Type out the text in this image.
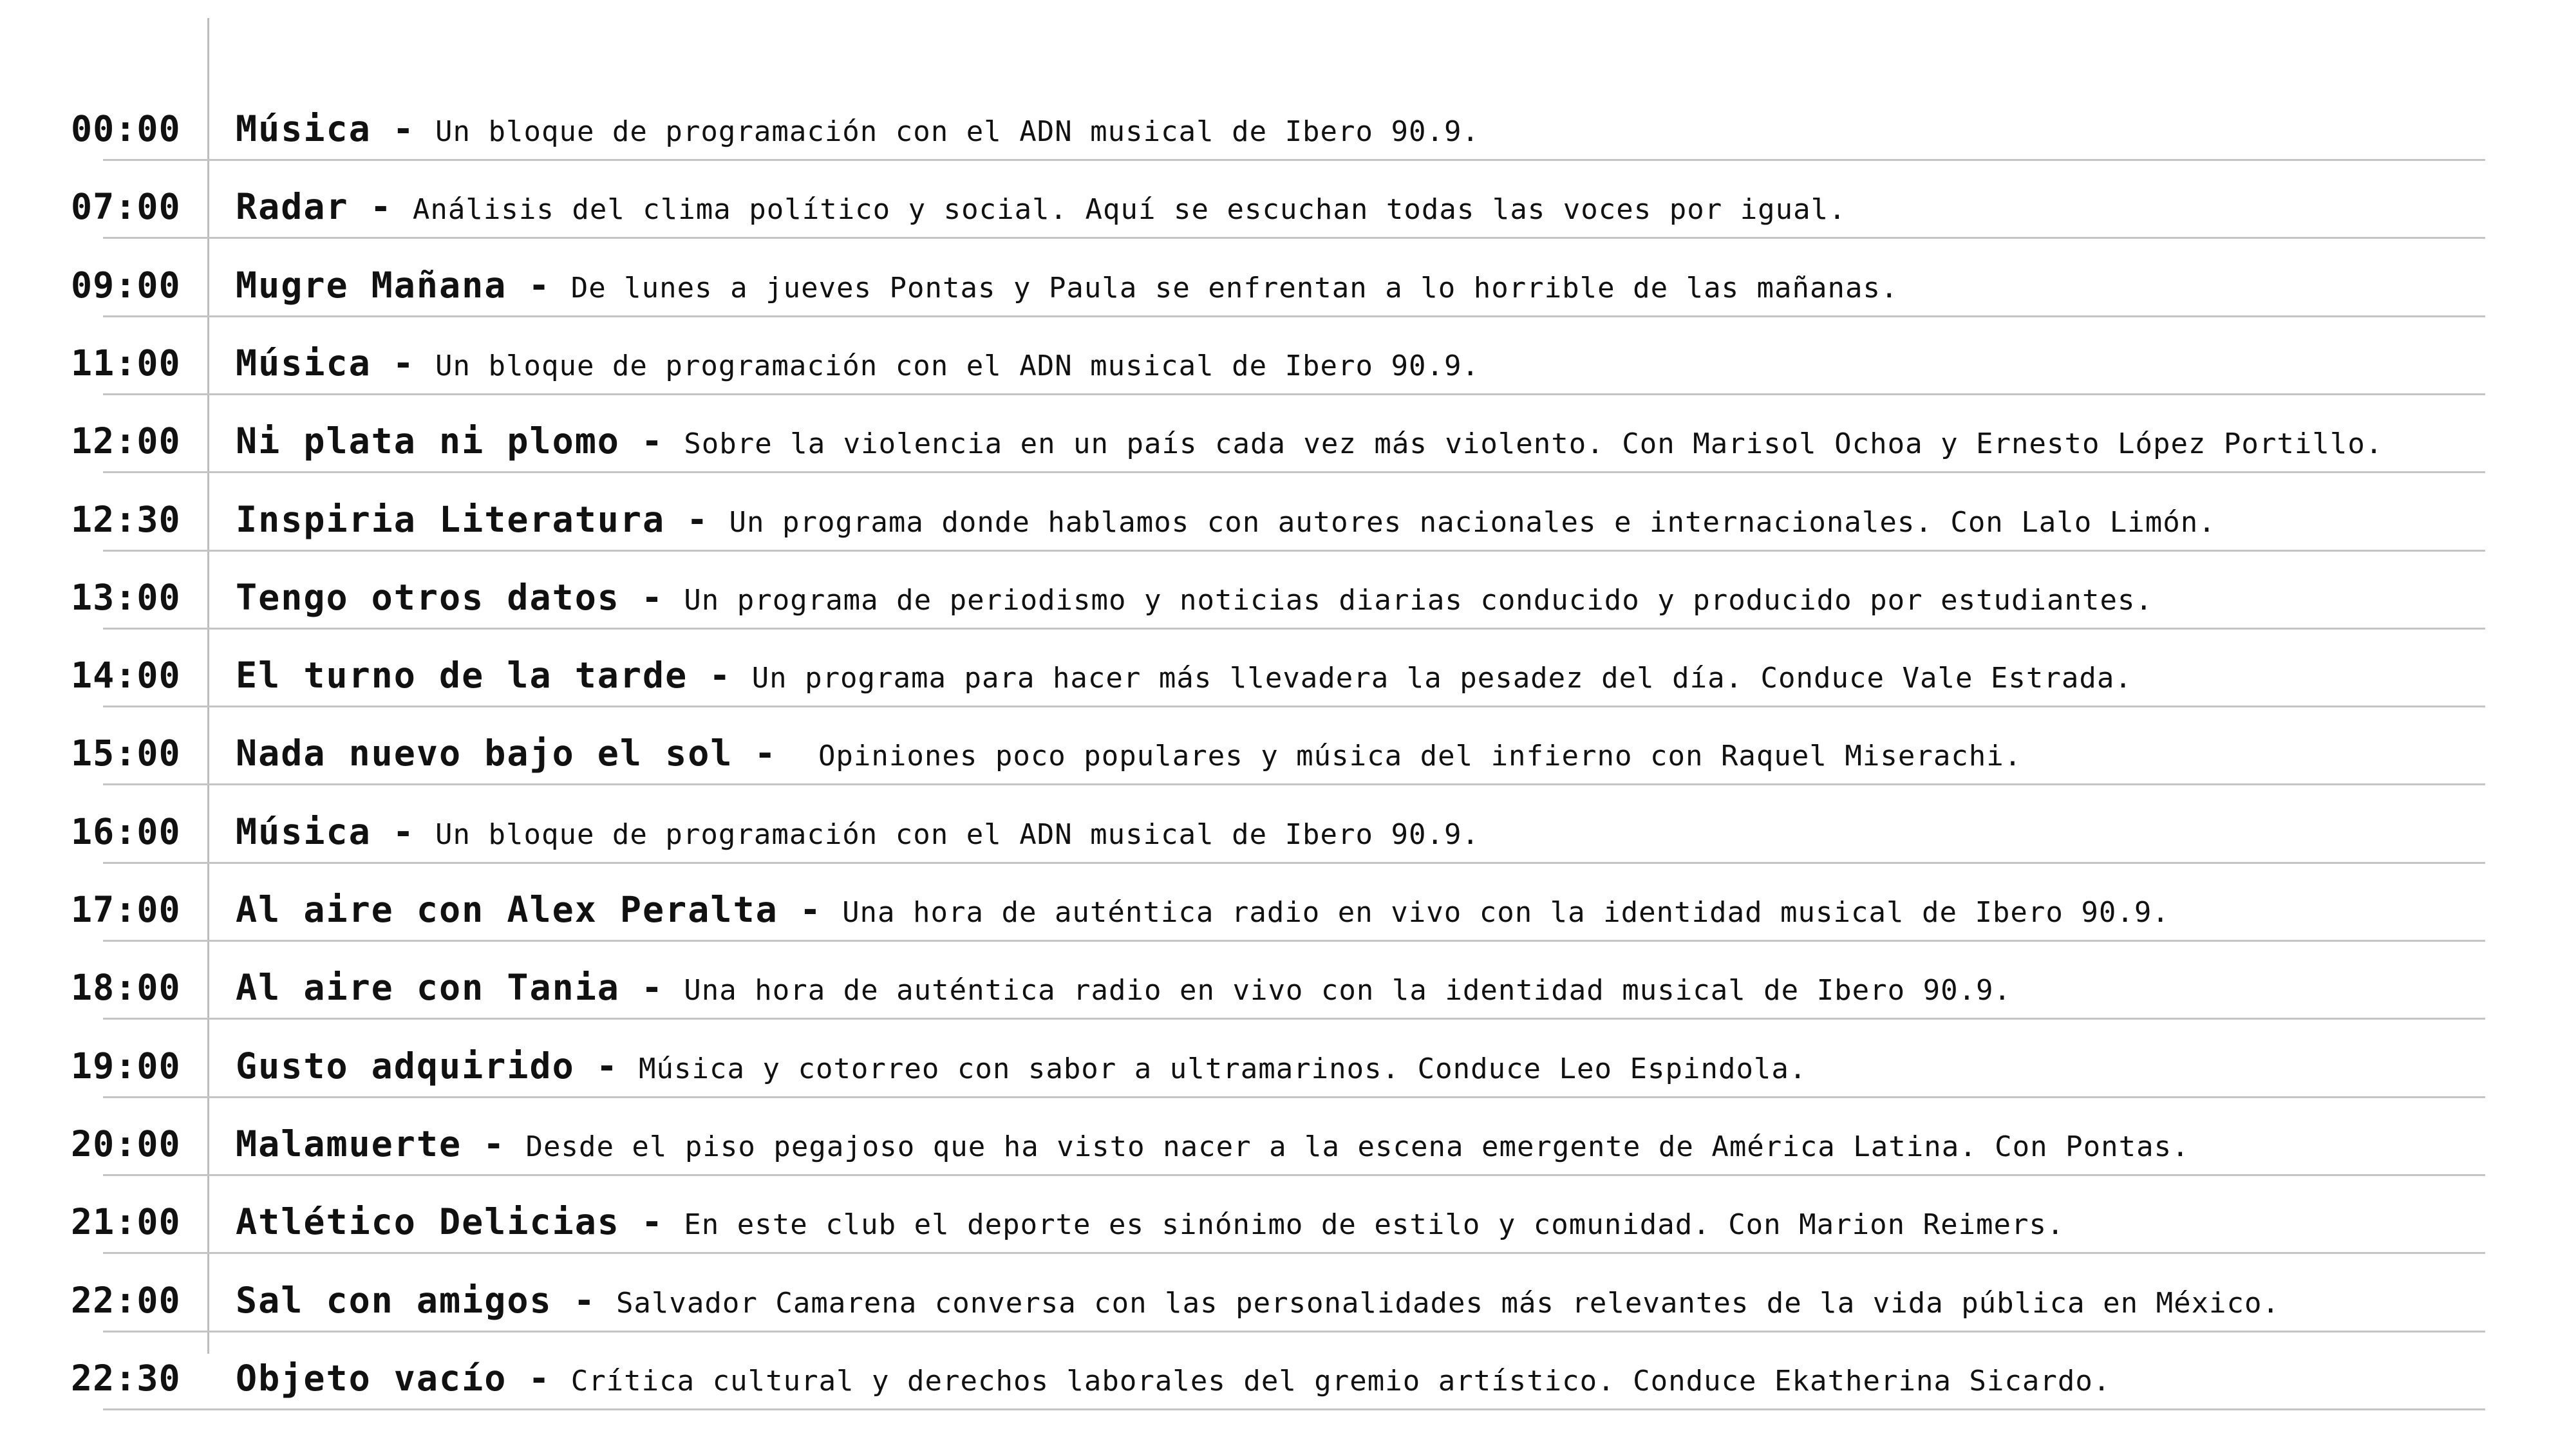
00:00	Música - Un bloque de programación con el ADN musical de Ibero 90.9.
07:00	Radar - Análisis del clima político y social. Aquí se escuchan todas las voces por igual.
09:00	Mugre Mañana - De lunes a jueves Pontas y Paula se enfrentan a lo horrible de las mañanas.
11:00	Música - Un bloque de programación con el ADN musical de Ibero 90.9.
12:00	Ni plata ni plomo - Sobre la violencia en un país cada vez más violento. Con Marisol Ochoa y Ernesto López Portillo.
12:30	Inspiria Literatura - Un programa donde hablamos con autores nacionales e internacionales. Con Lalo Limón.
13:00	Tengo otros datos - Un programa de periodismo y noticias diarias conducido y producido por estudiantes.
14:00	El turno de la tarde - Un programa para hacer más llevadera la pesadez del día. Conduce Vale Estrada.
15:00	Nada nuevo bajo el sol -  Opiniones poco populares y música del infierno con Raquel Miserachi.
16:00	Música - Un bloque de programación con el ADN musical de Ibero 90.9.
17:00	Al aire con Alex Peralta - Una hora de auténtica radio en vivo con la identidad musical de Ibero 90.9.
18:00	Al aire con Tania - Una hora de auténtica radio en vivo con la identidad musical de Ibero 90.9.
19:00	Gusto adquirido - Música y cotorreo con sabor a ultramarinos. Conduce Leo Espindola.
20:00	Malamuerte - Desde el piso pegajoso que ha visto nacer a la escena emergente de América Latina. Con Pontas.
21:00	Atlético Delicias - En este club el deporte es sinónimo de estilo y comunidad. Con Marion Reimers.
22:00	Sal con amigos - Salvador Camarena conversa con las personalidades más relevantes de la vida pública en México.
22:30	Objeto vacío - Crítica cultural y derechos laborales del gremio artístico. Conduce Ekatherina Sicardo.
